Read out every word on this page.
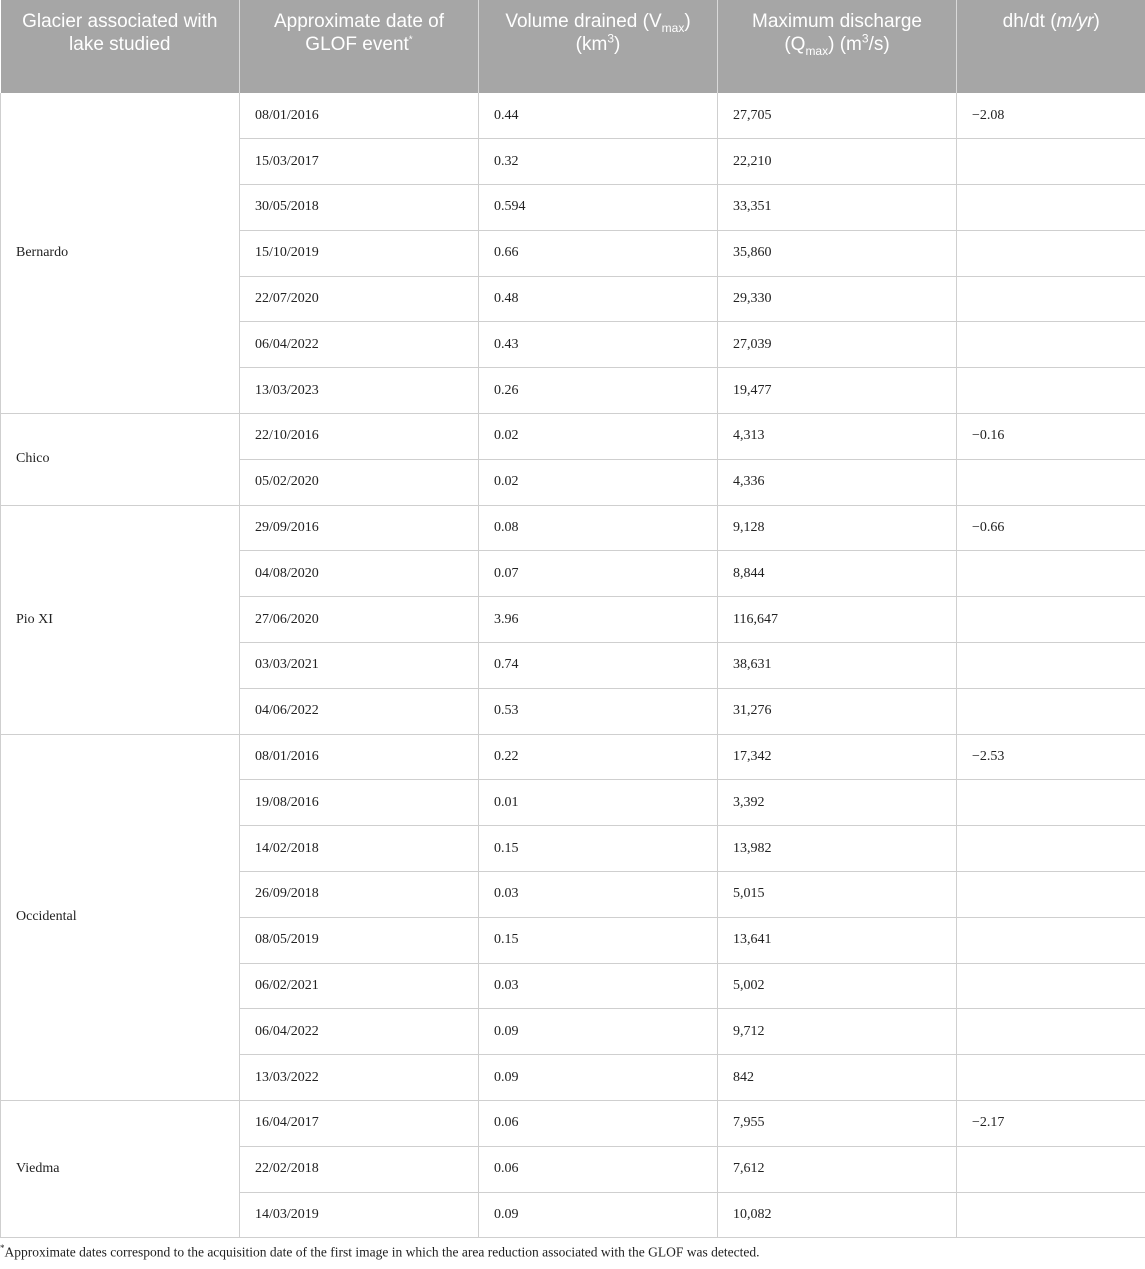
Glacier associated with lake studied	Approximate date of GLOF event*	Volume drained $(V_{max})$ $(km^3)$	Maximum discharge $(Q_{max})$ $(m^3/s)$	dh/dt (m/yr)
Bernardo	08/01/2016	0.44	27,705	−2.08
	15/03/2017	0.32	22,210	
	30/05/2018	0.594	33,351	
	15/10/2019	0.66	35,860	
	22/07/2020	0.48	29,330	
	06/04/2022	0.43	27,039	
	13/03/2023	0.26	19,477	
Chico	22/10/2016	0.02	4,313	−0.16
	05/02/2020	0.02	4,336	
Pio XI	29/09/2016	0.08	9,128	−0.66
	04/08/2020	0.07	8,844	
	27/06/2020	3.96	116,647	
	03/03/2021	0.74	38,631	
	04/06/2022	0.53	31,276	
Occidental	08/01/2016	0.22	17,342	−2.53
	19/08/2016	0.01	3,392	
	14/02/2018	0.15	13,982	
	26/09/2018	0.03	5,015	
	08/05/2019	0.15	13,641	
	06/02/2021	0.03	5,002	
	06/04/2022	0.09	9,712	
	13/03/2022	0.09	842	
Viedma	16/04/2017	0.06	7,955	−2.17
	22/02/2018	0.06	7,612	
	14/03/2019	0.09	10,082	
*Approximate dates correspond to the acquisition date of the first image in which the area reduction associated with the GLOF was detected.
